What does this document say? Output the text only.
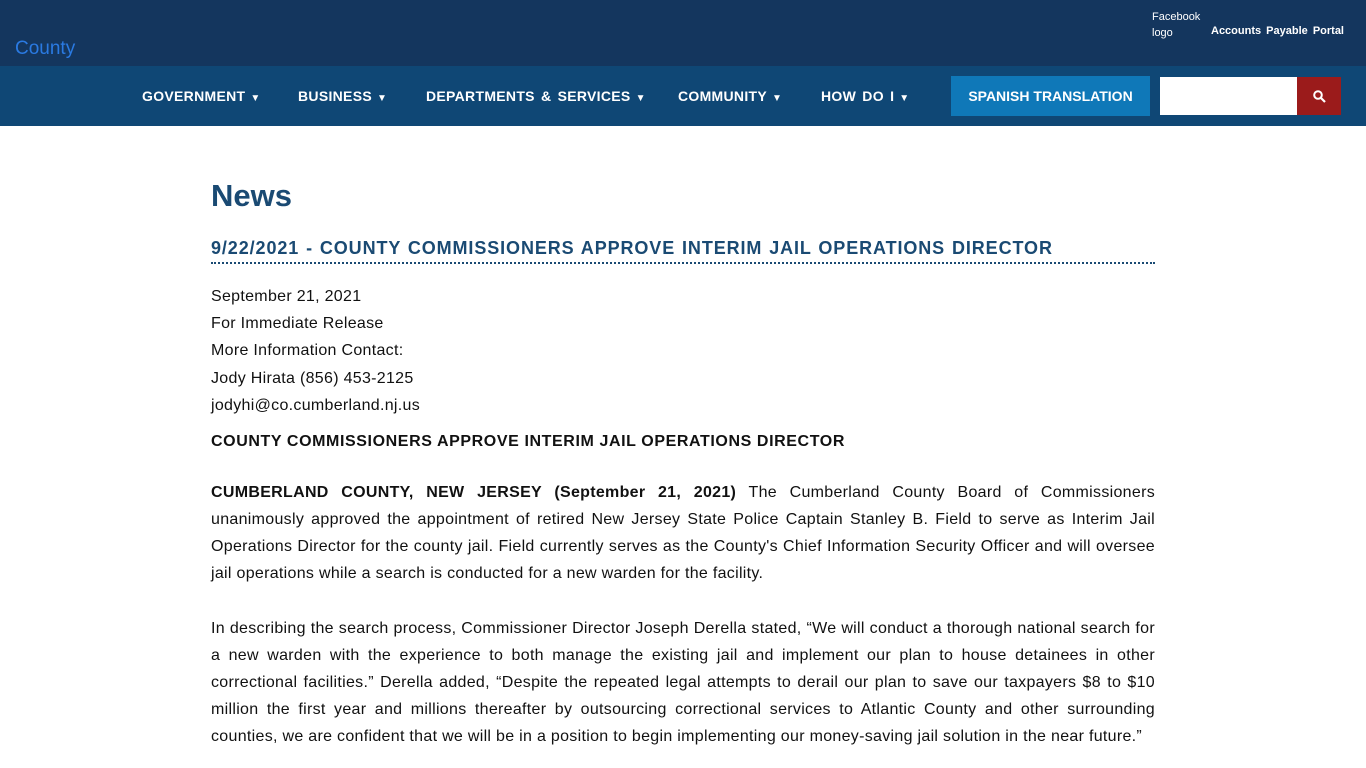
County
Facebook logo	Accounts Payable Portal
GOVERNMENT ▼	BUSINESS ▼	DEPARTMENTS & SERVICES ▼ COMMUNITY ▼	HOW DO I ▼	SPANISH TRANSLATION
News
9/22/2021 - COUNTY COMMISSIONERS APPROVE INTERIM JAIL OPERATIONS DIRECTOR
September 21, 2021
For Immediate Release
More Information Contact:
Jody Hirata (856) 453-2125
jodyhi@co.cumberland.nj.us
COUNTY COMMISSIONERS APPROVE INTERIM JAIL OPERATIONS DIRECTOR

CUMBERLAND COUNTY, NEW JERSEY (September 21, 2021) The Cumberland County Board of Commissioners unanimously approved the appointment of retired New Jersey State Police Captain Stanley B. Field to serve as Interim Jail Operations Director for the county jail. Field currently serves as the County's Chief Information Security Officer and will oversee jail operations while a search is conducted for a new warden for the facility.

In describing the search process, Commissioner Director Joseph Derella stated, “We will conduct a thorough national search for a new warden with the experience to both manage the existing jail and implement our plan to house detainees in other correctional facilities.” Derella added, “Despite the repeated legal attempts to derail our plan to save our taxpayers $8 to $10 million the first year and millions thereafter by outsourcing correctional services to Atlantic County and other surrounding counties, we are confident that we will be in a position to begin implementing our money-saving jail solution in the near future.”
